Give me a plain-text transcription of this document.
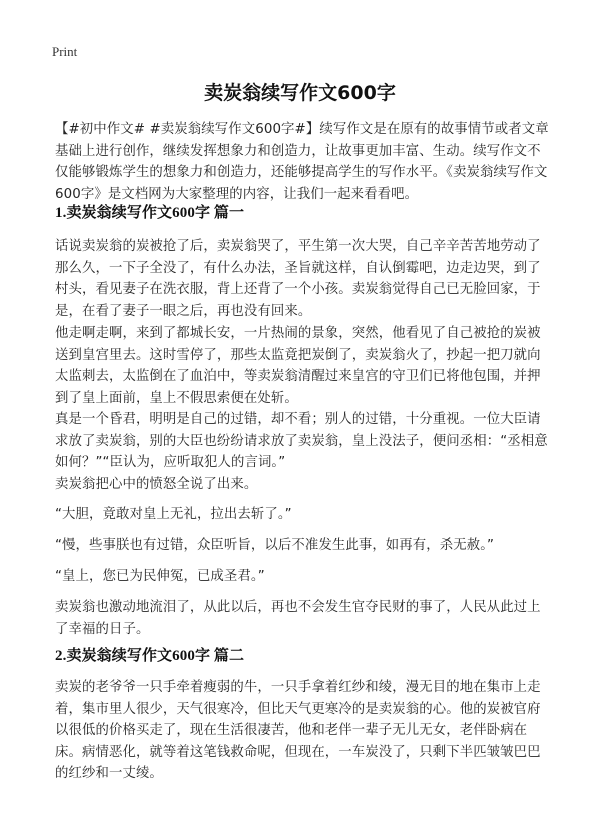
Print
卖炭翁续写作文600字

【#初中作文# #卖炭翁续写作文600字#】续写作文是在原有的故事情节或者文章基础上进行创作，继续发挥想象力和创造力，让故事更加丰富、生动。续写作文不仅能够锻炼学生的想象力和创造力，还能够提高学生的写作水平。《卖炭翁续写作文600字》是文档网为大家整理的内容，让我们一起来看看吧。

1.卖炭翁续写作文600字 篇一

话说卖炭翁的炭被抢了后，卖炭翁哭了，平生第一次大哭，自己辛辛苦苦地劳动了那么久，一下子全没了，有什么办法，圣旨就这样，自认倒霉吧，边走边哭，到了村头，看见妻子在洗衣服，背上还背了一个小孩。卖炭翁觉得自己已无脸回家，于是，在看了妻子一眼之后，再也没有回来。

他走啊走啊，来到了都城长安，一片热闹的景象，突然，他看见了自己被抢的炭被送到皇宫里去。这时雪停了，那些太监竟把炭倒了，卖炭翁火了，抄起一把刀就向太监刺去，太监倒在了血泊中，等卖炭翁清醒过来皇宫的守卫们已将他包围，并押到了皇上面前，皇上不假思索便在处斩。

真是一个昏君，明明是自己的过错，却不看；别人的过错，十分重视。一位大臣请求放了卖炭翁，别的大臣也纷纷请求放了卖炭翁，皇上没法子，便问丞相：“丞相意如何？”“臣认为，应听取犯人的言词。”

卖炭翁把心中的愤怒全说了出来。

“大胆，竟敢对皇上无礼，拉出去斩了。”

“慢，些事朕也有过错，众臣听旨，以后不准发生此事，如再有，杀无赦。”

“皇上，您已为民伸冤，已成圣君。”

卖炭翁也激动地流泪了，从此以后，再也不会发生官夺民财的事了，人民从此过上了幸福的日子。

2.卖炭翁续写作文600字 篇二

卖炭的老爷爷一只手牵着瘦弱的牛，一只手拿着红纱和绫，漫无目的地在集市上走着，集市里人很少，天气很寒冷，但比天气更寒冷的是卖炭翁的心。他的炭被官府以很低的价格买走了，现在生活很凄苦，他和老伴一辈子无儿无女，老伴卧病在床。病情恶化，就等着这笔钱救命呢，但现在，一车炭没了，只剩下半匹皱皱巴巴的红纱和一丈绫。
